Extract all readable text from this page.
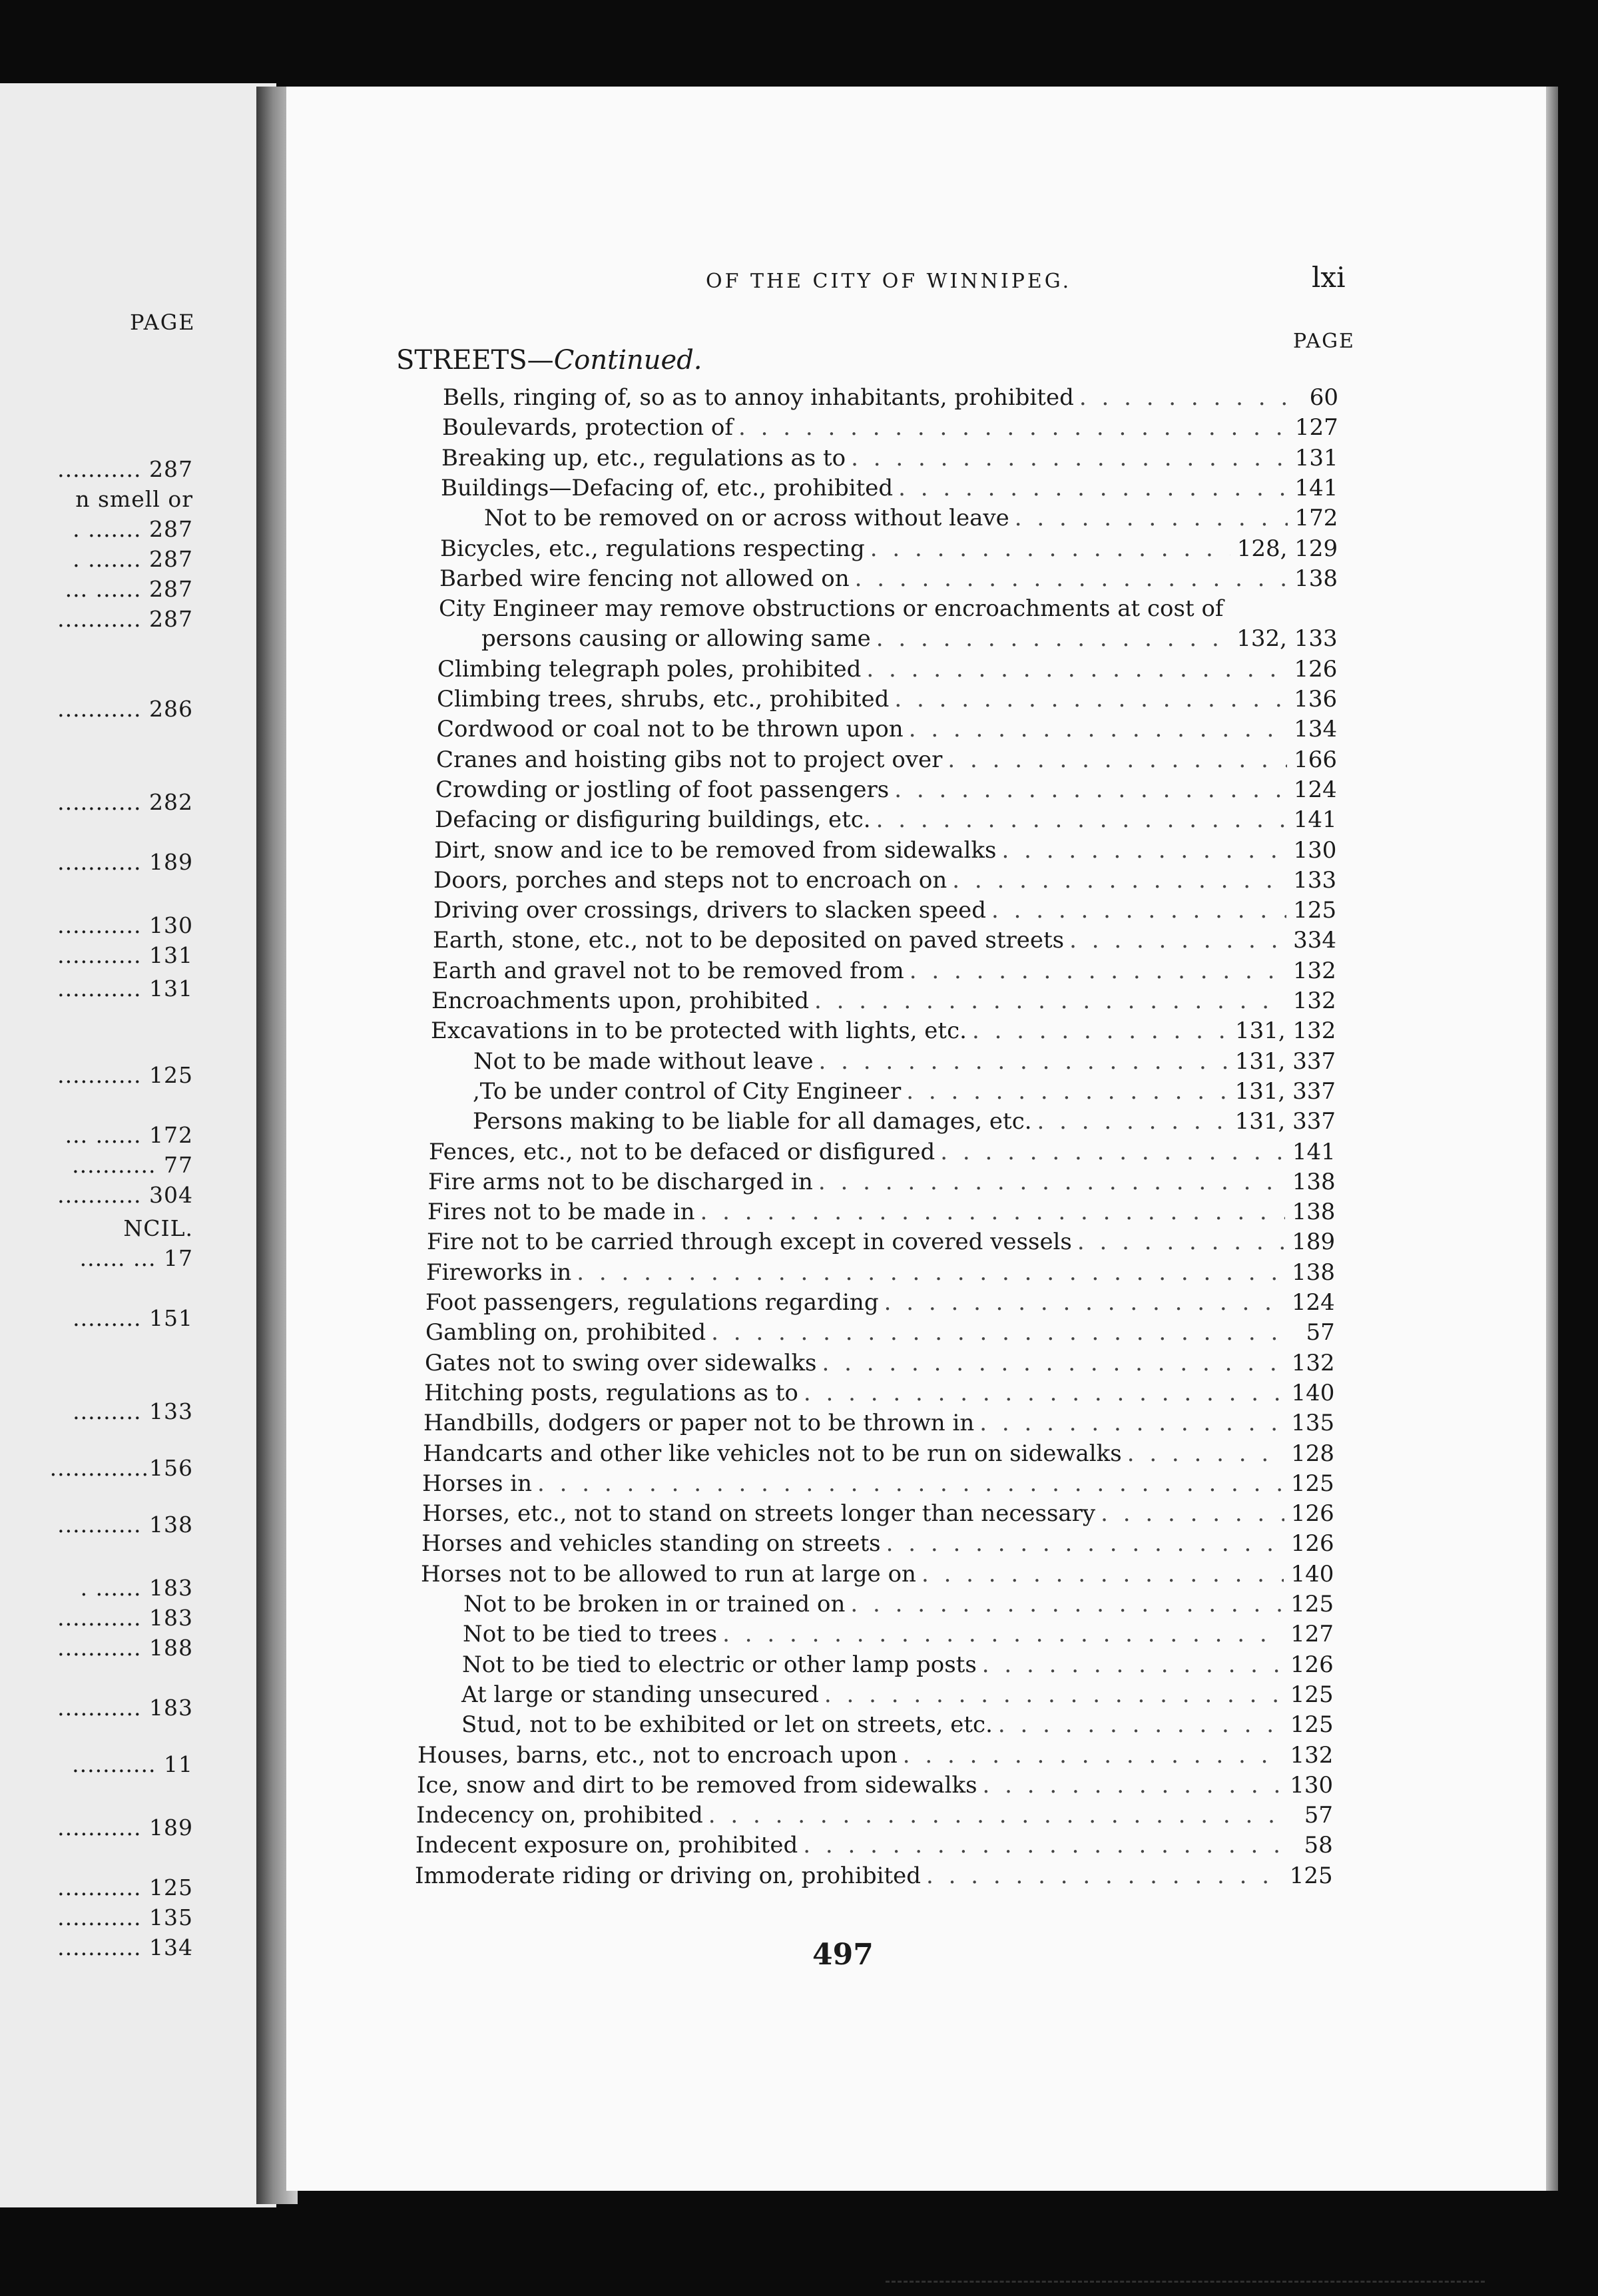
PAGE
........... 287
n smell or
. ....... 287
. ....... 287
... ...... 287
........... 287
........... 286
........... 282
........... 189
........... 130
........... 131
........... 131
........... 125
... ...... 172
........... 77
........... 304
NCIL.
...... ... 17
......... 151
......... 133
.............156
........... 138
. ...... 183
........... 183
........... 188
........... 183
........... 11
........... 189
........... 125
........... 135
........... 134
OF THE CITY OF WINNIPEG.	lxi
PAGE
STREETS—Continued.
Bells, ringing of, so as to annoy inhabitants, prohibited . . .	60
Boulevards, protection of . . .	127
Breaking up, etc., regulations as to . . .	131
Buildings—Defacing of, etc., prohibited . . .	141
Not to be removed on or across without leave . . .	172
Bicycles, etc., regulations respecting . . .	128, 129
Barbed wire fencing not allowed on . . .	138
City Engineer may remove obstructions or encroachments at cost of
persons causing or allowing same . . .	132, 133
Climbing telegraph poles, prohibited . . .	126
Climbing trees, shrubs, etc., prohibited . . .	136
Cordwood or coal not to be thrown upon . . .	134
Cranes and hoisting gibs not to project over . . .	166
Crowding or jostling of foot passengers . . .	124
Defacing or disfiguring buildings, etc. . . .	141
Dirt, snow and ice to be removed from sidewalks . . .	130
Doors, porches and steps not to encroach on . . .	133
Driving over crossings, drivers to slacken speed . . .	125
Earth, stone, etc., not to be deposited on paved streets . . .	334
Earth and gravel not to be removed from . . .	132
Encroachments upon, prohibited . . .	132
Excavations in to be protected with lights, etc. . . .	131, 132
Not to be made without leave . . .	131, 337
,To be under control of City Engineer . . .	131, 337
Persons making to be liable for all damages, etc. . . .	131, 337
Fences, etc., not to be defaced or disfigured . . .	141
Fire arms not to be discharged in . . .	138
Fires not to be made in . . .	138
Fire not to be carried through except in covered vessels . . .	189
Fireworks in . . .	138
Foot passengers, regulations regarding . . .	124
Gambling on, prohibited . . .	57
Gates not to swing over sidewalks . . .	132
Hitching posts, regulations as to . . .	140
Handbills, dodgers or paper not to be thrown in . . .	135
Handcarts and other like vehicles not to be run on sidewalks . . .	128
Horses in . . .	125
Horses, etc., not to stand on streets longer than necessary . . .	126
Horses and vehicles standing on streets . . .	126
Horses not to be allowed to run at large on . . .	140
Not to be broken in or trained on . . .	125
Not to be tied to trees . . .	127
Not to be tied to electric or other lamp posts . . .	126
At large or standing unsecured . . .	125
Stud, not to be exhibited or let on streets, etc. . . .	125
Houses, barns, etc., not to encroach upon . . .	132
Ice, snow and dirt to be removed from sidewalks . . .	130
Indecency on, prohibited . . .	57
Indecent exposure on, prohibited . . .	58
Immoderate riding or driving on, prohibited . . .	125
497
